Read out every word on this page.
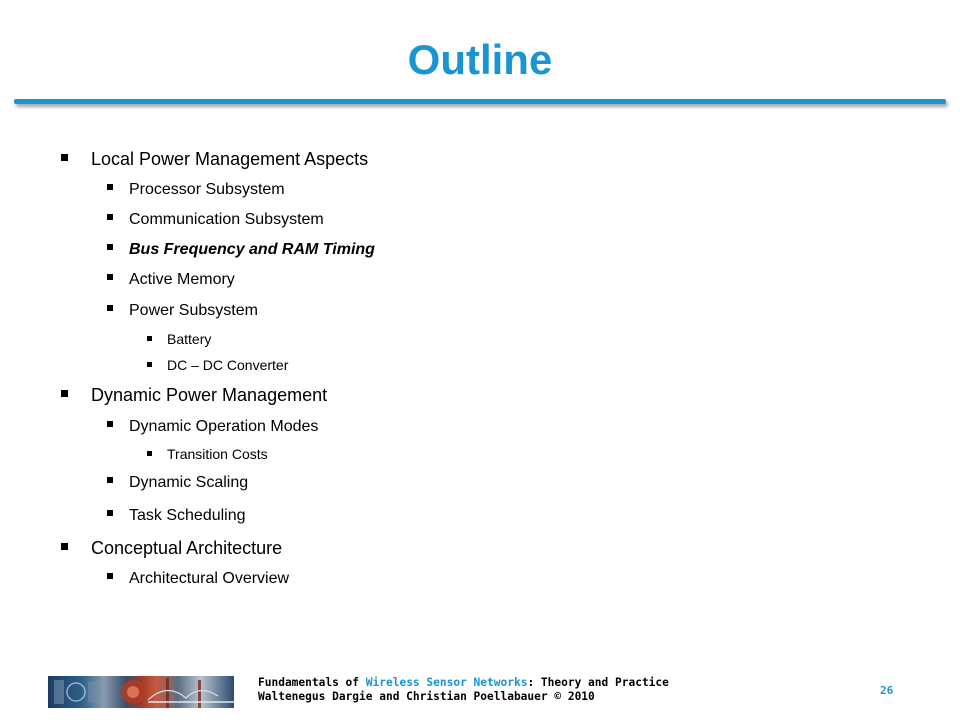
Outline
Local Power Management Aspects
Processor Subsystem
Communication Subsystem
Bus Frequency and RAM Timing
Active Memory
Power Subsystem
Battery
DC – DC Converter
Dynamic Power Management
Dynamic Operation Modes
Transition Costs
Dynamic Scaling
Task Scheduling
Conceptual Architecture
Architectural Overview
Fundamentals of Wireless Sensor Networks: Theory and Practice
Waltenegus Dargie and Christian Poellabauer © 2010	26
